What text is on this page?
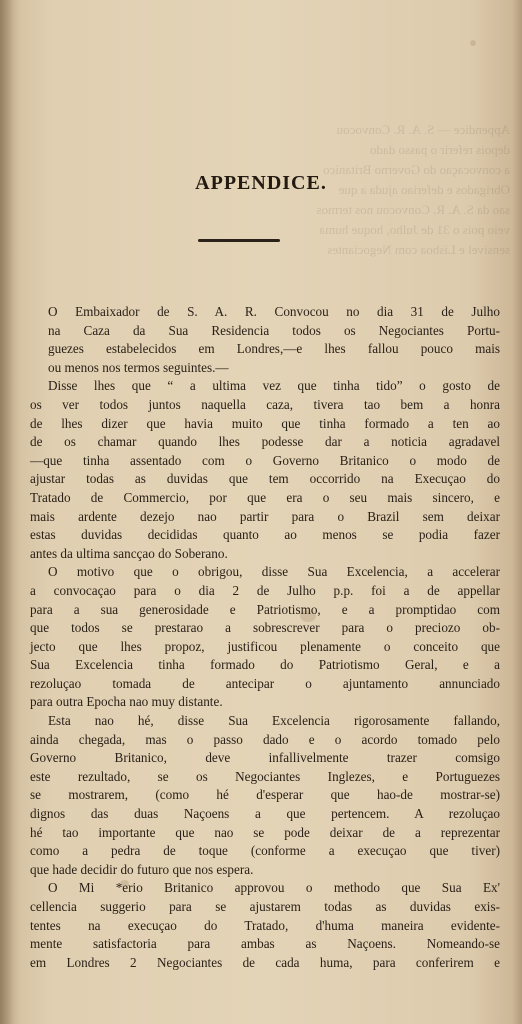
Appendice — S. A. R. Convocou
depois referir o passo dado
a convocaçao do Governo Britanico
Obrigados e deferiao ajuda a que
sao da S. A. R. Convocou nos termos
veio pois o 31 de Julho, hoque huma
sensivel e Lisboa com Negociantes
APPENDICE.

O Embaixador de S. A. R. Convocou no dia 31 de Julho
na Caza da Sua Residencia todos os Negociantes Portu-
guezes estabelecidos em Londres,—e lhes fallou pouco mais
ou menos nos termos seguintes.—

Disse lhes que “ a ultima vez que tinha tido” o gosto de
os ver todos juntos naquella caza, tivera tao bem a honra
de lhes dizer que havia muito que tinha formado a ten ao
de os chamar quando lhes podesse dar a noticia agradavel
—que tinha assentado com o Governo Britanico o modo de
ajustar todas as duvidas que tem occorrido na Execuçao do
Tratado de Commercio, por que era o seu mais sincero, e
mais ardente dezejo nao partir para o Brazil sem deixar
estas duvidas decididas quanto ao menos se podia fazer
antes da ultima sancçao do Soberano.

O motivo que o obrigou, disse Sua Excelencia, a accelerar
a convocaçao para o dia 2 de Julho p.p. foi a de appellar
para a sua generosidade e Patriotismo, e a promptidao com
que todos se prestarao a sobrescrever para o preciozo ob-
jecto que lhes propoz, justificou plenamente o conceito que
Sua Excelencia tinha formado do Patriotismo Geral, e a
rezoluçao tomada de antecipar o ajuntamento annunciado
para outra Epocha nao muy distante.

Esta nao hé, disse Sua Excelencia rigorosamente fallando,
ainda chegada, mas o passo dado e o acordo tomado pelo
Governo Britanico, deve infallivelmente trazer comsigo
este rezultado, se os Negociantes Inglezes, e Portuguezes
se mostrarem, (como hé d'esperar que hao-de mostrar-se)
dignos das duas Naçoens a que pertencem. A rezoluçao
hé tao importante que nao se pode deixar de a reprezentar
como a pedra de toque (conforme a execuçao que tiver)
que hade decidir do futuro que nos espera.

O Mi *erio Britanico approvou o methodo que Sua Ex'
cellencia suggerio para se ajustarem todas as duvidas exis-
tentes na execuçao do Tratado, d'huma maneira evidente-
mente satisfactoria para ambas as Naçoens. Nomeando-se
em Londres 2 Negociantes de cada huma, para conferirem e
